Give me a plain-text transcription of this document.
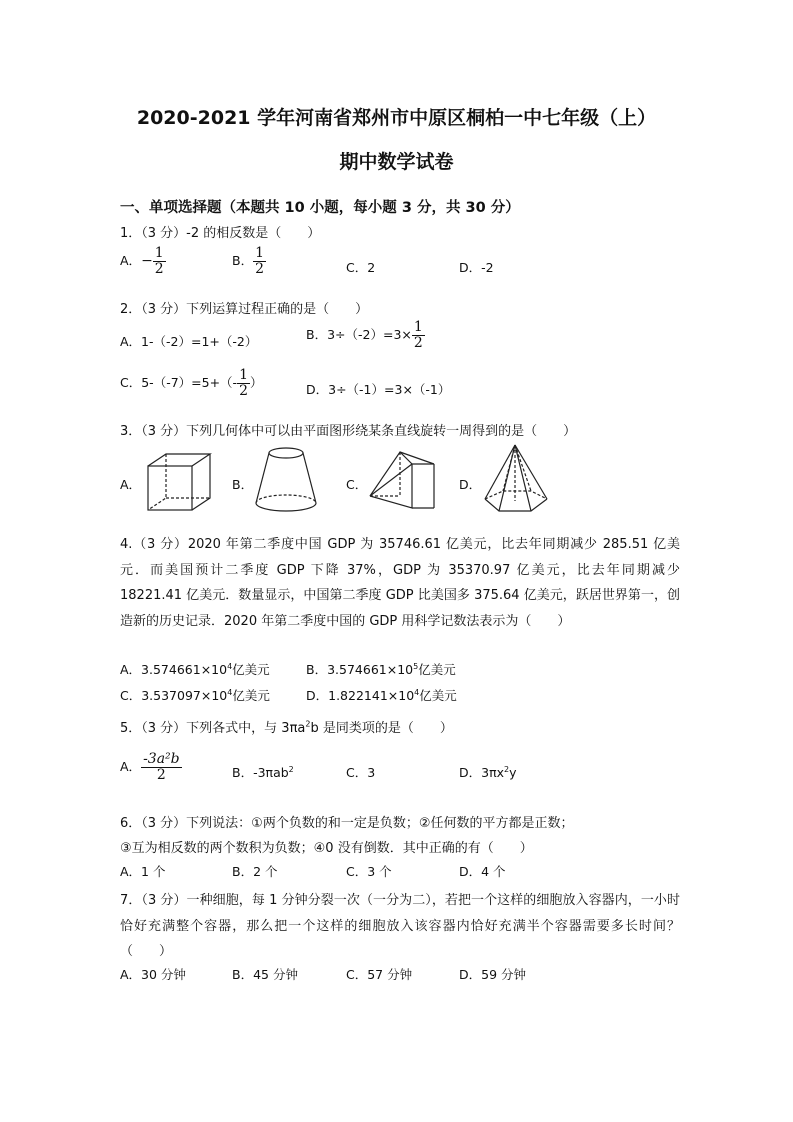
2020-2021 学年河南省郑州市中原区桐柏一中七年级（上）
期中数学试卷
一、单项选择题（本题共 10 小题，每小题 3 分，共 30 分）
1．（3 分）-2 的相反数是（　　）
A．− $\frac{1}{2}$	B． $\frac{1}{2}$	C．2	D．-2
2．（3 分）下列运算过程正确的是（　　）
A．1-（-2）=1+（-2）	B．$3\div(-2)=3\times \frac{1}{2}$
C．$5-(-7)=5+(- \frac{1}{2}$ ）	D．3÷（-1）=3×（-1）
3．（3 分）下列几何体中可以由平面图形绕某条直线旋转一周得到的是（　　）
A．	B．	C．	D．
4.（3 分）2020 年第二季度中国 GDP 为 35746.61 亿美元，比去年同期减少 285.51 亿美元．而美国预计二季度 GDP 下降 37%，GDP 为 35370.97 亿美元，比去年同期减少 18221.41 亿美元．数量显示，中国第二季度 GDP 比美国多 375.64 亿美元，跃居世界第一，创造新的历史记录．2020 年第二季度中国的 GDP 用科学记数法表示为（　　）
A．$3.574661\times 10^4$亿美元	B．$3.574661\times 10^5$亿美元
C．$3.537097\times 10^4$亿美元	D．$1.822141\times 10^4$亿美元
5．（3 分）下列各式中，与 $3\pi a^2b$ 是同类项的是（　　）
A． $\frac{\text{-3a²b}}{2}$	B．-3πab$^2$	C．3	D．$3\pi x^2y$
6．（3 分）下列说法：①两个负数的和一定是负数；②任何数的平方都是正数；
③互为相反数的两个数积为负数；④0 没有倒数．其中正确的有（　　）
A．1 个	B．2 个	C．3 个	D．4 个
7．（3 分）一种细胞，每 1 分钟分裂一次（一分为二），若把一个这样的细胞放入容器内，一小时恰好充满整个容器，那么把一个这样的细胞放入该容器内恰好充满半个容器需要多长时间？（　　）
A．30 分钟	B．45 分钟	C．57 分钟	D．59 分钟
